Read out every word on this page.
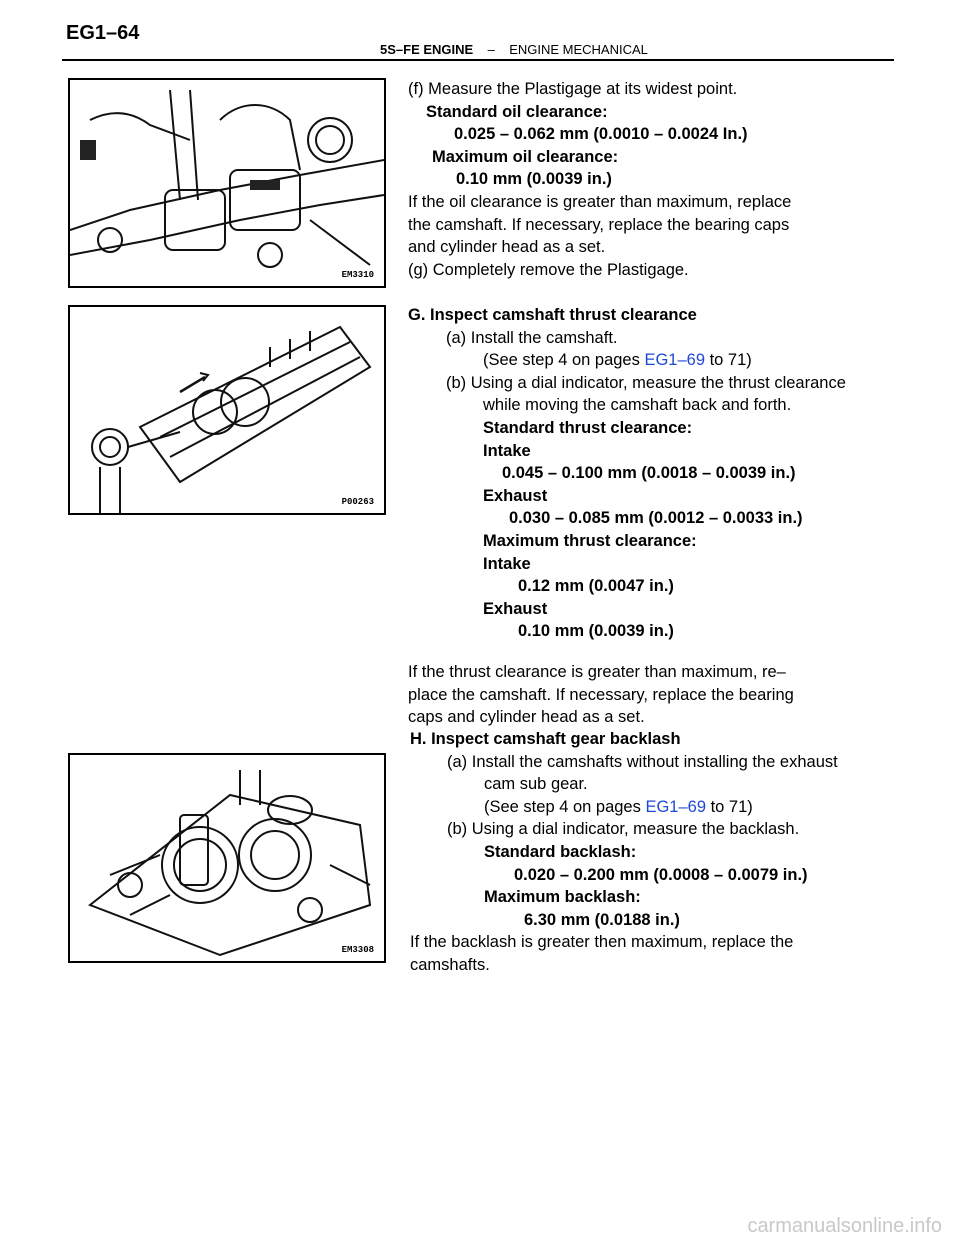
EG1–64
5S–FE ENGINE – ENGINE MECHANICAL
EM3310
P00263
EM3308
(f) Measure the Plastigage at its widest point.
Standard oil clearance:
0.025 – 0.062 mm (0.0010 – 0.0024 In.)
Maximum oil clearance:
0.10 mm (0.0039 in.)
If the oil clearance is greater than maximum, replace
the camshaft. If necessary, replace the bearing caps
and cylinder head as a set.
(g) Completely remove the Plastigage.
G. Inspect camshaft thrust clearance
(a) Install the camshaft.
(See step 4 on pages EG1–69 to 71)
(b) Using a dial indicator, measure the thrust clearance
while moving the camshaft back and forth.
Standard thrust clearance:
Intake
0.045 – 0.100 mm (0.0018 – 0.0039 in.)
Exhaust
0.030 – 0.085 mm (0.0012 – 0.0033 in.)
Maximum thrust clearance:
Intake
0.12 mm (0.0047 in.)
Exhaust
0.10 mm (0.0039 in.)
If the thrust clearance is greater than maximum, re–
place the camshaft. If necessary, replace the bearing
caps and cylinder head as a set.
H. Inspect camshaft gear backlash
(a) Install the camshafts without installing the exhaust
cam sub gear.
(See step 4 on pages EG1–69 to 71)
(b) Using a dial indicator, measure the backlash.
Standard backlash:
0.020 – 0.200 mm (0.0008 – 0.0079 in.)
Maximum backlash:
6.30 mm (0.0188 in.)
If the backlash is greater then maximum, replace the
camshafts.
carmanualsonline.info
